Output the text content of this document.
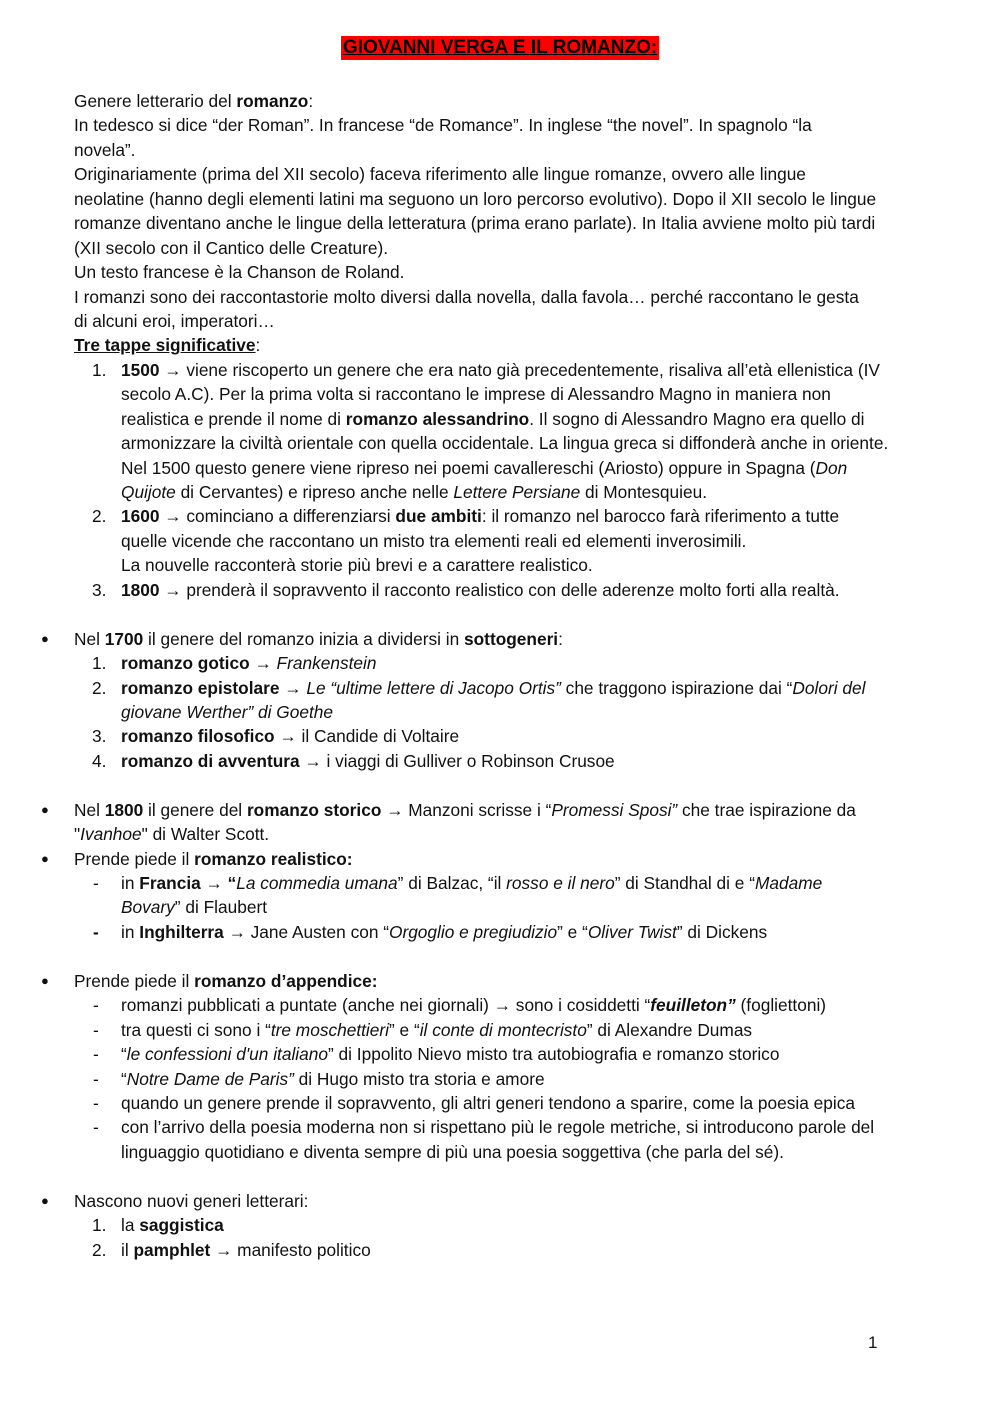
GIOVANNI VERGA E IL ROMANZO:
Genere letterario del romanzo:
In tedesco si dice “der Roman”. In francese “de Romance”. In inglese “the novel”. In spagnolo “la
novela”.
Originariamente (prima del XII secolo) faceva riferimento alle lingue romanze, ovvero alle lingue
neolatine (hanno degli elementi latini ma seguono un loro percorso evolutivo). Dopo il XII secolo le lingue
romanze diventano anche le lingue della letteratura (prima erano parlate). In Italia avviene molto più tardi
(XII secolo con il Cantico delle Creature).
Un testo francese è la Chanson de Roland.
I romanzi sono dei raccontastorie molto diversi dalla novella, dalla favola… perché raccontano le gesta
di alcuni eroi, imperatori…
Tre tappe significative:
1. 1500 → viene riscoperto un genere che era nato già precedentemente, risaliva all’età ellenistica (IV
secolo A.C). Per la prima volta si raccontano le imprese di Alessandro Magno in maniera non
realistica e prende il nome di romanzo alessandrino. Il sogno di Alessandro Magno era quello di
armonizzare la civiltà orientale con quella occidentale. La lingua greca si diffonderà anche in oriente.
Nel 1500 questo genere viene ripreso nei poemi cavallereschi (Ariosto) oppure in Spagna (Don
Quijote di Cervantes) e ripreso anche nelle Lettere Persiane di Montesquieu.
2. 1600 → cominciano a differenziarsi due ambiti: il romanzo nel barocco farà riferimento a tutte
quelle vicende che raccontano un misto tra elementi reali ed elementi inverosimili.
La nouvelle racconterà storie più brevi e a carattere realistico.
3. 1800 → prenderà il sopravvento il racconto realistico con delle aderenze molto forti alla realtà.
● Nel 1700 il genere del romanzo inizia a dividersi in sottogeneri:
1. romanzo gotico → Frankenstein
2. romanzo epistolare → Le “ultime lettere di Jacopo Ortis” che traggono ispirazione dai “Dolori del
giovane Werther” di Goethe
3. romanzo filosofico → il Candide di Voltaire
4. romanzo di avventura → i viaggi di Gulliver o Robinson Crusoe
● Nel 1800 il genere del romanzo storico → Manzoni scrisse i “Promessi Sposi” che trae ispirazione da
"Ivanhoe" di Walter Scott.
● Prende piede il romanzo realistico:
- in Francia → “La commedia umana” di Balzac, “il rosso e il nero” di Standhal di e “Madame
Bovary” di Flaubert
- in Inghilterra → Jane Austen con “Orgoglio e pregiudizio” e “Oliver Twist” di Dickens
● Prende piede il romanzo d’appendice:
- romanzi pubblicati a puntate (anche nei giornali) → sono i cosiddetti “feuilleton” (fogliettoni)
- tra questi ci sono i “tre moschettieri” e “il conte di montecristo” di Alexandre Dumas
- “le confessioni d'un italiano” di Ippolito Nievo misto tra autobiografia e romanzo storico
- “Notre Dame de Paris” di Hugo misto tra storia e amore
- quando un genere prende il sopravvento, gli altri generi tendono a sparire, come la poesia epica
- con l’arrivo della poesia moderna non si rispettano più le regole metriche, si introducono parole del
linguaggio quotidiano e diventa sempre di più una poesia soggettiva (che parla del sé).
● Nascono nuovi generi letterari:
1. la saggistica
2. il pamphlet → manifesto politico
1
